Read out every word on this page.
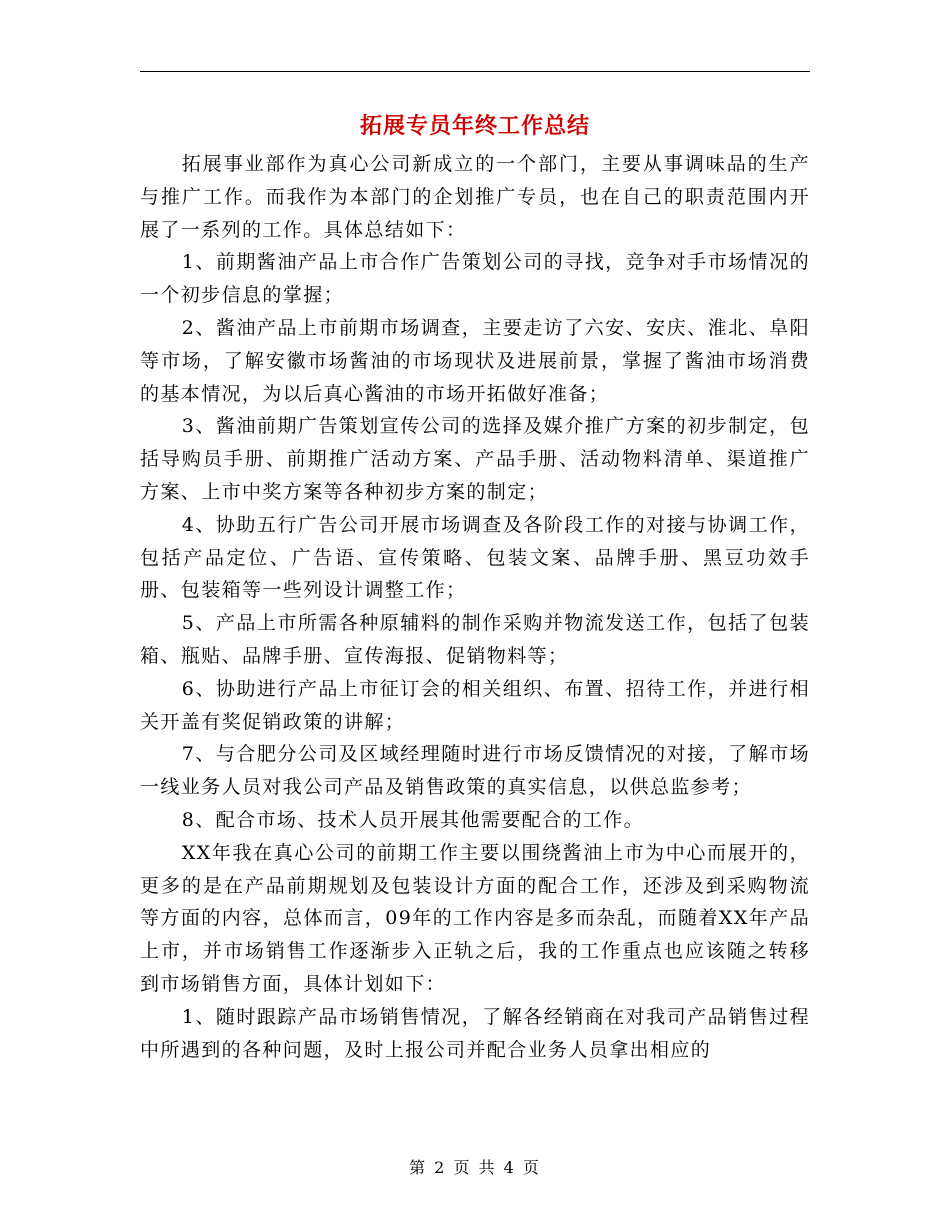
拓展专员年终工作总结

拓展事业部作为真心公司新成立的一个部门，主要从事调味品的生产与推广工作。而我作为本部门的企划推广专员，也在自己的职责范围内开展了一系列的工作。具体总结如下：

1、前期酱油产品上市合作广告策划公司的寻找，竞争对手市场情况的一个初步信息的掌握；

2、酱油产品上市前期市场调查，主要走访了六安、安庆、淮北、阜阳等市场，了解安徽市场酱油的市场现状及进展前景，掌握了酱油市场消费的基本情况，为以后真心酱油的市场开拓做好准备；

3、酱油前期广告策划宣传公司的选择及媒介推广方案的初步制定，包括导购员手册、前期推广活动方案、产品手册、活动物料清单、渠道推广方案、上市中奖方案等各种初步方案的制定；

4、协助五行广告公司开展市场调查及各阶段工作的对接与协调工作，包括产品定位、广告语、宣传策略、包装文案、品牌手册、黑豆功效手册、包装箱等一些列设计调整工作；

5、产品上市所需各种原辅料的制作采购并物流发送工作，包括了包装箱、瓶贴、品牌手册、宣传海报、促销物料等；

6、协助进行产品上市征订会的相关组织、布置、招待工作，并进行相关开盖有奖促销政策的讲解；

7、与合肥分公司及区域经理随时进行市场反馈情况的对接，了解市场一线业务人员对我公司产品及销售政策的真实信息，以供总监参考；

8、配合市场、技术人员开展其他需要配合的工作。

XX年我在真心公司的前期工作主要以围绕酱油上市为中心而展开的，更多的是在产品前期规划及包装设计方面的配合工作，还涉及到采购物流等方面的内容，总体而言，09年的工作内容是多而杂乱，而随着XX年产品上市，并市场销售工作逐渐步入正轨之后，我的工作重点也应该随之转移到市场销售方面，具体计划如下：

1、随时跟踪产品市场销售情况，了解各经销商在对我司产品销售过程中所遇到的各种问题，及时上报公司并配合业务人员拿出相应的

第 2 页 共 4 页
